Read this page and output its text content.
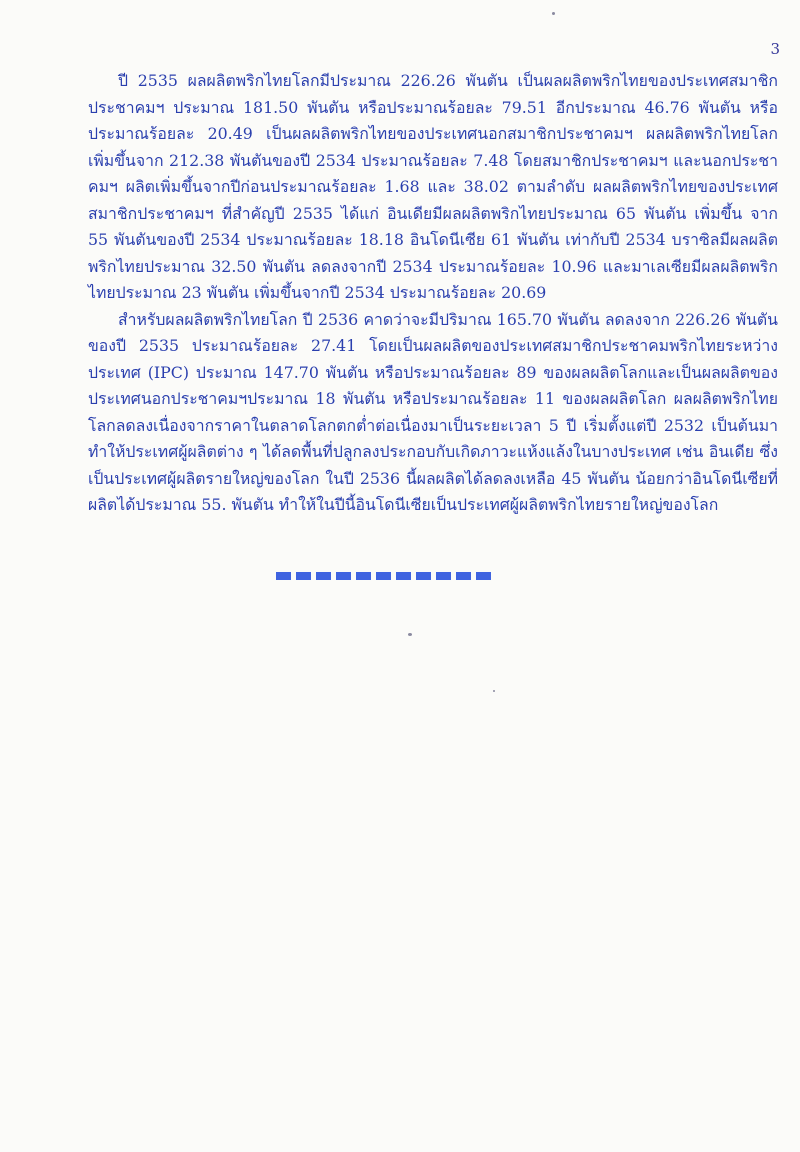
3

ปี 2535 ผลผลิตพริกไทยโลกมีประมาณ 226.26 พันตัน เป็นผลผลิตพริกไทยของประเทศสมาชิกประชาคมฯ ประมาณ 181.50 พันตัน หรือประมาณร้อยละ 79.51 อีกประมาณ 46.76 พันตัน หรือประมาณร้อยละ 20.49 เป็นผลผลิตพริกไทยของประเทศนอกสมาชิกประชาคมฯ ผลผลิตพริกไทยโลกเพิ่มขึ้นจาก 212.38 พันตันของปี 2534 ประมาณร้อยละ 7.48 โดยสมาชิกประชาคมฯ และนอกประชาคมฯ ผลิตเพิ่มขึ้นจากปีก่อนประมาณร้อยละ 1.68 และ 38.02 ตามลำดับ ผลผลิตพริกไทยของประเทศสมาชิกประชาคมฯ ที่สำคัญปี 2535 ได้แก่ อินเดียมีผลผลิตพริกไทยประมาณ 65 พันตัน เพิ่มขึ้น จาก 55 พันตันของปี 2534 ประมาณร้อยละ 18.18 อินโดนีเซีย 61 พันตัน เท่ากับปี 2534 บราซิลมีผลผลิตพริกไทยประมาณ 32.50 พันตัน ลดลงจากปี 2534 ประมาณร้อยละ 10.96 และมาเลเซียมีผลผลิตพริกไทยประมาณ 23 พันตัน เพิ่มขึ้นจากปี 2534 ประมาณร้อยละ 20.69

สำหรับผลผลิตพริกไทยโลก ปี 2536 คาดว่าจะมีปริมาณ 165.70 พันตัน ลดลงจาก 226.26 พันตันของปี 2535 ประมาณร้อยละ 27.41 โดยเป็นผลผลิตของประเทศสมาชิกประชาคมพริกไทยระหว่างประเทศ (IPC) ประมาณ 147.70 พันตัน หรือประมาณร้อยละ 89 ของผลผลิตโลกและเป็นผลผลิตของประเทศนอกประชาคมฯประมาณ 18 พันตัน หรือประมาณร้อยละ 11 ของผลผลิตโลก ผลผลิตพริกไทยโลกลดลงเนื่องจากราคาในตลาดโลกตกต่ำต่อเนื่องมาเป็นระยะเวลา 5 ปี เริ่มตั้งแต่ปี 2532 เป็นต้นมา ทำให้ประเทศผู้ผลิตต่าง ๆ ได้ลดพื้นที่ปลูกลงประกอบกับเกิดภาวะแห้งแล้งในบางประเทศ เช่น อินเดีย ซึ่งเป็นประเทศผู้ผลิตรายใหญ่ของโลก ในปี 2536 นี้ผลผลิตได้ลดลงเหลือ 45 พันตัน น้อยกว่าอินโดนีเซียที่ผลิตได้ประมาณ 55. พันตัน ทำให้ในปีนี้อินโดนีเซียเป็นประเทศผู้ผลิตพริกไทยรายใหญ่ของโลก
